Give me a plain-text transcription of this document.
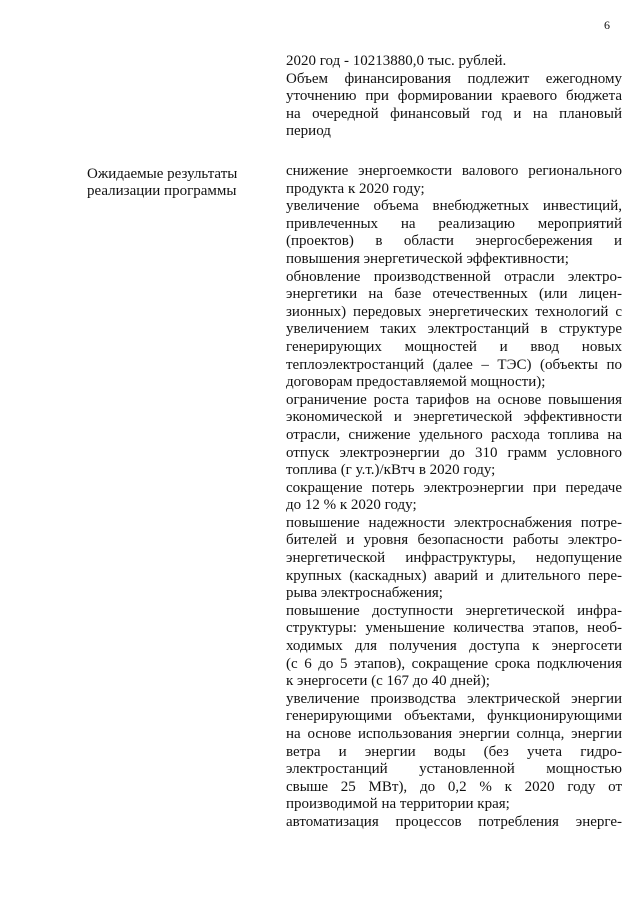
6
2020 год - 10213880,0 тыс. рублей.
Объем финансирования подлежит ежегодному
уточнению при формировании краевого бюджета
на очередной финансовый год и на плановый
период
Ожидаемые результаты
реализации программы
снижение энергоемкости валового регионального
продукта к 2020 году;
увеличение объема внебюджетных инвестиций,
привлеченных на реализацию мероприятий
(проектов) в области энергосбережения и
повышения энергетической эффективности;
обновление производственной отрасли электро-
энергетики на базе отечественных (или лицен-
зионных) передовых энергетических технологий с
увеличением таких электростанций в структуре
генерирующих мощностей и ввод новых
теплоэлектростанций (далее – ТЭС) (объекты по
договорам предоставляемой мощности);
ограничение роста тарифов на основе повышения
экономической и энергетической эффективности
отрасли, снижение удельного расхода топлива на
отпуск электроэнергии до 310 грамм условного
топлива (г у.т.)/кВтч в 2020 году;
сокращение потерь электроэнергии при передаче
до 12 % к 2020 году;
повышение надежности электроснабжения потре-
бителей и уровня безопасности работы электро-
энергетической инфраструктуры, недопущение
крупных (каскадных) аварий и длительного пере-
рыва электроснабжения;
повышение доступности энергетической инфра-
структуры: уменьшение количества этапов, необ-
ходимых для получения доступа к энергосети
(с 6 до 5 этапов), сокращение срока подключения
к энергосети (с 167 до 40 дней);
увеличение производства электрической энергии
генерирующими объектами, функционирующими
на основе использования энергии солнца, энергии
ветра и энергии воды (без учета гидро-
электростанций установленной мощностью
свыше 25 МВт), до 0,2 % к 2020 году от
производимой на территории края;
автоматизация процессов потребления энерге-
